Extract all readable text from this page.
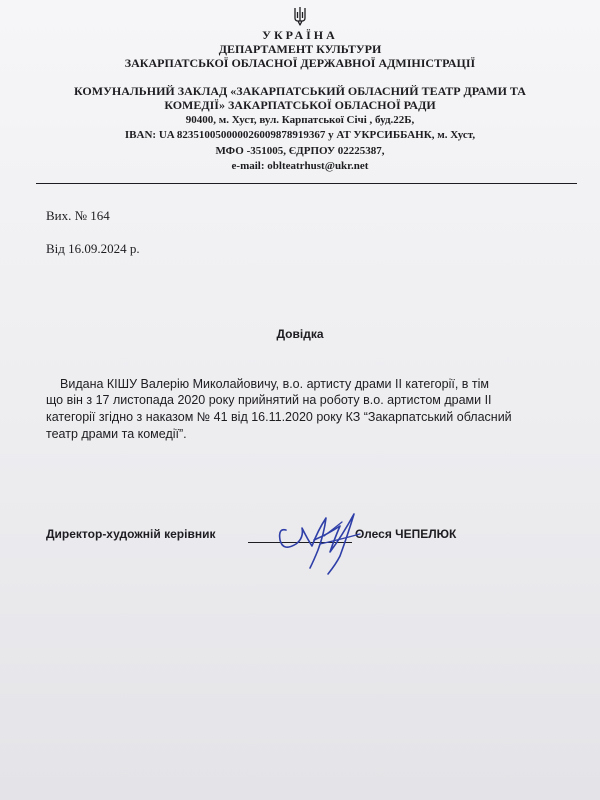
УКРАЇНА
ДЕПАРТАМЕНТ КУЛЬТУРИ
ЗАКАРПАТСЬКОЇ ОБЛАСНОЇ ДЕРЖАВНОЇ АДМІНІСТРАЦІЇ
КОМУНАЛЬНИЙ ЗАКЛАД «ЗАКАРПАТСЬКИЙ ОБЛАСНИЙ ТЕАТР ДРАМИ ТА
КОМЕДІЇ» ЗАКАРПАТСЬКОЇ ОБЛАСНОЇ РАДИ
90400, м. Хуст, вул. Карпатської Січі , буд.22Б,
IBAN: UA 823510050000026009878919367 у АТ УКРСИББАНК, м. Хуст,
МФО -351005, ЄДРПОУ 02225387,
e-mail: oblteatrhust@ukr.net
Вих. № 164
Від 16.09.2024 р.
Довідка
Видана КІШУ Валерію Миколайовичу, в.о. артисту драми ІІ категорії, в тім
що він з 17 листопада 2020 року прийнятий на роботу в.о. артистом драми ІІ
категорії згідно з наказом № 41 від 16.11.2020 року КЗ “Закарпатський обласний
театр драми та комедії”.
Директор-художній керівник	Олеся ЧЕПЕЛЮК
